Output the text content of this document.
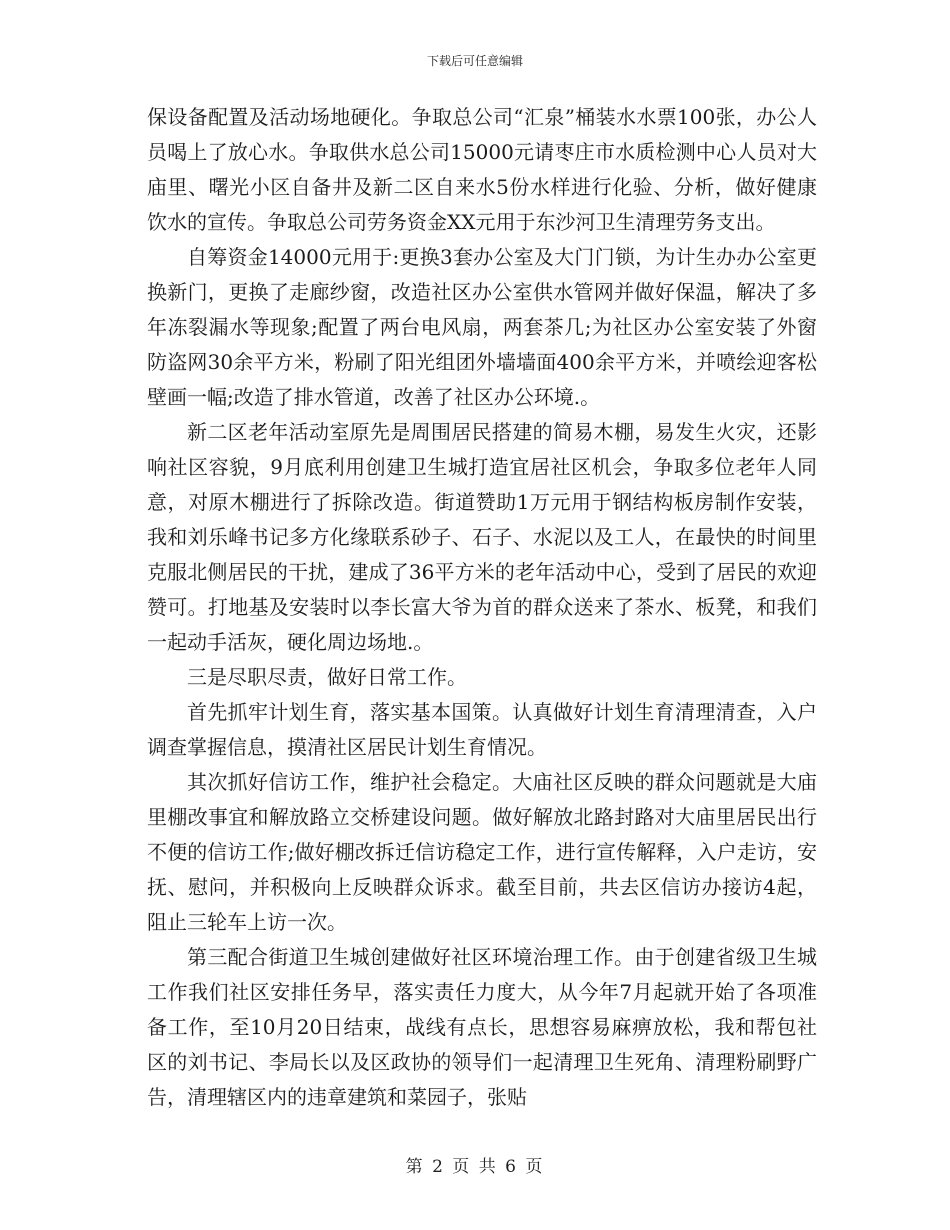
下载后可任意编辑

保设备配置及活动场地硬化。争取总公司“汇泉”桶装水水票100张，办公人员喝上了放心水。争取供水总公司15000元请枣庄市水质检测中心人员对大庙里、曙光小区自备井及新二区自来水5份水样进行化验、分析，做好健康饮水的宣传。争取总公司劳务资金XX元用于东沙河卫生清理劳务支出。

自筹资金14000元用于:更换3套办公室及大门门锁，为计生办办公室更换新门，更换了走廊纱窗，改造社区办公室供水管网并做好保温，解决了多年冻裂漏水等现象;配置了两台电风扇，两套茶几;为社区办公室安装了外窗防盗网30余平方米，粉刷了阳光组团外墙墙面400余平方米，并喷绘迎客松壁画一幅;改造了排水管道，改善了社区办公环境.。

新二区老年活动室原先是周围居民搭建的简易木棚，易发生火灾，还影响社区容貌，9月底利用创建卫生城打造宜居社区机会，争取多位老年人同意，对原木棚进行了拆除改造。街道赞助1万元用于钢结构板房制作安装，我和刘乐峰书记多方化缘联系砂子、石子、水泥以及工人，在最快的时间里克服北侧居民的干扰，建成了36平方米的老年活动中心，受到了居民的欢迎赞可。打地基及安装时以李长富大爷为首的群众送来了茶水、板凳，和我们一起动手活灰，硬化周边场地.。

三是尽职尽责，做好日常工作。

首先抓牢计划生育，落实基本国策。认真做好计划生育清理清查，入户调查掌握信息，摸清社区居民计划生育情况。

其次抓好信访工作，维护社会稳定。大庙社区反映的群众问题就是大庙里棚改事宜和解放路立交桥建设问题。做好解放北路封路对大庙里居民出行不便的信访工作;做好棚改拆迁信访稳定工作，进行宣传解释，入户走访，安抚、慰问，并积极向上反映群众诉求。截至目前，共去区信访办接访4起，阻止三轮车上访一次。

第三配合街道卫生城创建做好社区环境治理工作。由于创建省级卫生城工作我们社区安排任务早，落实责任力度大，从今年7月起就开始了各项准备工作，至10月20日结束，战线有点长，思想容易麻痹放松，我和帮包社区的刘书记、李局长以及区政协的领导们一起清理卫生死角、清理粉刷野广告，清理辖区内的违章建筑和菜园子，张贴

第 2 页 共 6 页
